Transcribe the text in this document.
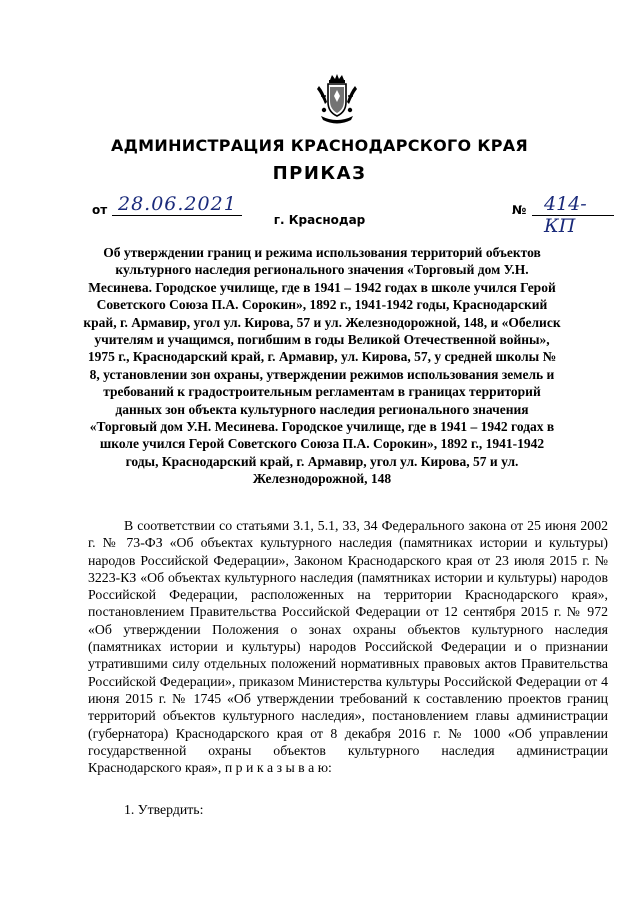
АДМИНИСТРАЦИЯ КРАСНОДАРСКОГО КРАЯ
ПРИКАЗ
от 28.06.2021	№ 414-КП
г. Краснодар
Об утверждении границ и режима использования территорий объектов культурного наследия регионального значения «Торговый дом У.Н. Месинева. Городское училище, где в 1941 – 1942 годах в школе учился Герой Советского Союза П.А. Сорокин», 1892 г., 1941-1942 годы, Краснодарский край, г. Армавир, угол ул. Кирова, 57 и ул. Железнодорожной, 148, и «Обелиск учителям и учащимся, погибшим в годы Великой Отечественной войны», 1975 г., Краснодарский край, г. Армавир, ул. Кирова, 57, у средней школы № 8, установлении зон охраны, утверждении режимов использования земель и требований к градостроительным регламентам в границах территорий данных зон объекта культурного наследия регионального значения «Торговый дом У.Н. Месинева. Городское училище, где в 1941 – 1942 годах в школе учился Герой Советского Союза П.А. Сорокин», 1892 г., 1941-1942 годы, Краснодарский край, г. Армавир, угол ул. Кирова, 57 и ул. Железнодорожной, 148
В соответствии со статьями 3.1, 5.1, 33, 34 Федерального закона от 25 июня 2002 г. № 73-ФЗ «Об объектах культурного наследия (памятниках истории и культуры) народов Российской Федерации», Законом Краснодарского края от 23 июля 2015 г. № 3223-КЗ «Об объектах культурного наследия (памятниках истории и культуры) народов Российской Федерации, расположенных на территории Краснодарского края», постановлением Правительства Российской Федерации от 12 сентября 2015 г. № 972 «Об утверждении Положения о зонах охраны объектов культурного наследия (памятниках истории и культуры) народов Российской Федерации и о признании утратившими силу отдельных положений нормативных правовых актов Правительства Российской Федерации», приказом Министерства культуры Российской Федерации от 4 июня 2015 г. № 1745 «Об утверждении требований к составлению проектов границ территорий объектов культурного наследия», постановлением главы администрации (губернатора) Краснодарского края от 8 декабря 2016 г. № 1000 «Об управлении государственной охраны объектов культурного наследия администрации Краснодарского края», п р и к а з ы в а ю:
1. Утвердить:
